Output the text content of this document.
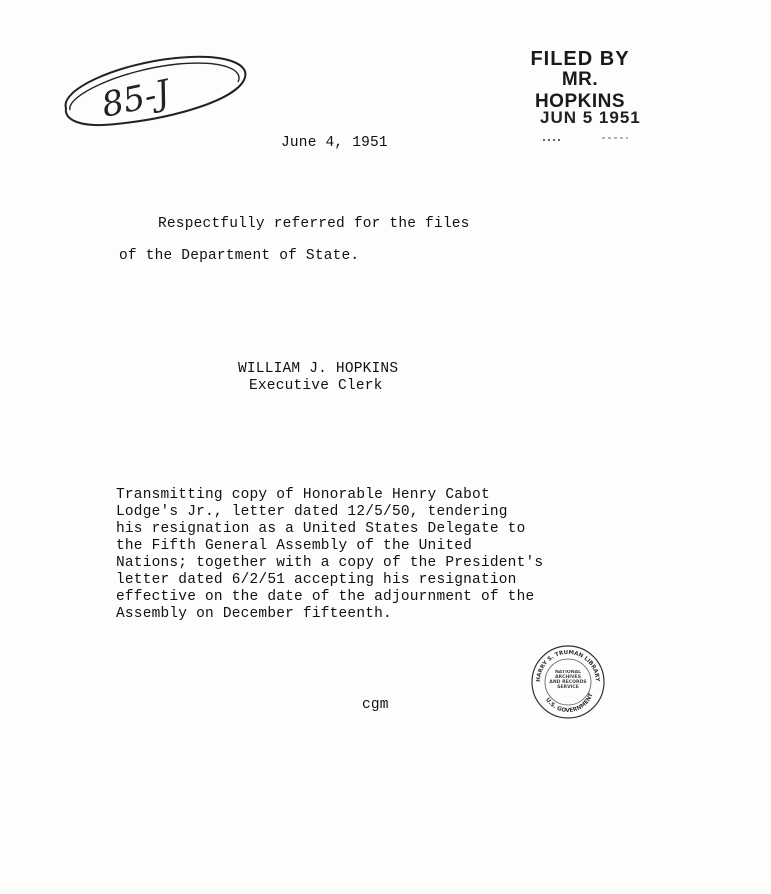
85-J
FILED BY
MR. HOPKINS
JUN 5 1951
June 4, 1951
Respectfully referred for the files
of the Department of State.
WILLIAM J. HOPKINS
Executive Clerk
Transmitting copy of Honorable Henry Cabot
Lodge's Jr., letter dated 12/5/50, tendering
his resignation as a United States Delegate to
the Fifth General Assembly of the United
Nations; together with a copy of the President's
letter dated 6/2/51 accepting his resignation
effective on the date of the adjournment of the
Assembly on December fifteenth.
HARRY S. TRUMAN LIBRARY
U.S. GOVERNMENT
NATIONAL ARCHIVES AND RECORDS SERVICE
cgm
